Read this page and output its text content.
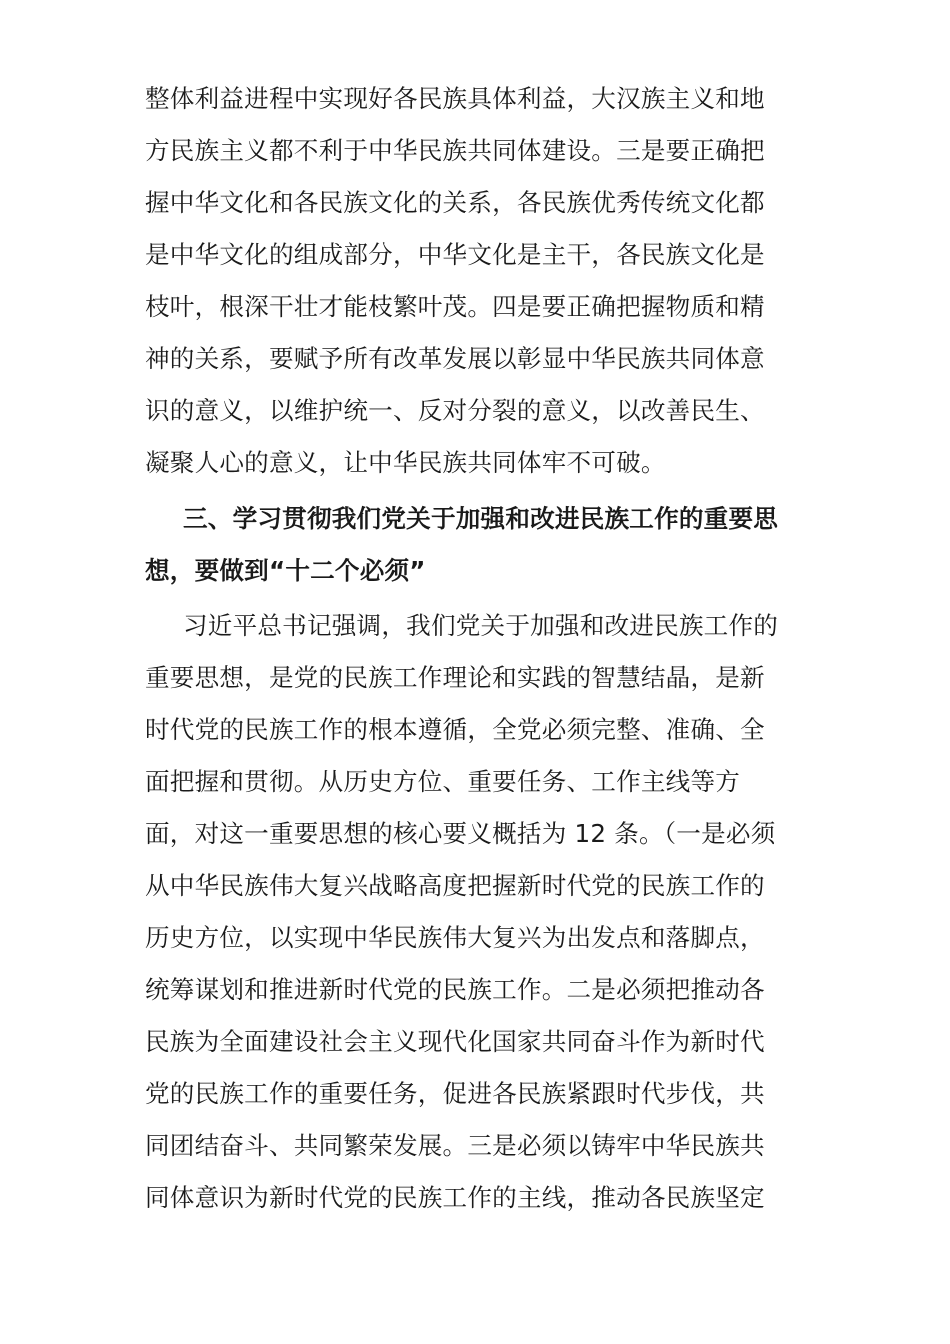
整体利益进程中实现好各民族具体利益，大汉族主义和地
方民族主义都不利于中华民族共同体建设。三是要正确把
握中华文化和各民族文化的关系，各民族优秀传统文化都
是中华文化的组成部分，中华文化是主干，各民族文化是
枝叶，根深干壮才能枝繁叶茂。四是要正确把握物质和精
神的关系，要赋予所有改革发展以彰显中华民族共同体意
识的意义，以维护统一、反对分裂的意义，以改善民生、
凝聚人心的意义，让中华民族共同体牢不可破。
三、学习贯彻我们党关于加强和改进民族工作的重要思
想，要做到“十二个必须”
习近平总书记强调，我们党关于加强和改进民族工作的
重要思想，是党的民族工作理论和实践的智慧结晶，是新
时代党的民族工作的根本遵循，全党必须完整、准确、全
面把握和贯彻。从历史方位、重要任务、工作主线等方
面，对这一重要思想的核心要义概括为 12 条。（一是必须
从中华民族伟大复兴战略高度把握新时代党的民族工作的
历史方位，以实现中华民族伟大复兴为出发点和落脚点，
统筹谋划和推进新时代党的民族工作。二是必须把推动各
民族为全面建设社会主义现代化国家共同奋斗作为新时代
党的民族工作的重要任务，促进各民族紧跟时代步伐，共
同团结奋斗、共同繁荣发展。三是必须以铸牢中华民族共
同体意识为新时代党的民族工作的主线，推动各民族坚定
